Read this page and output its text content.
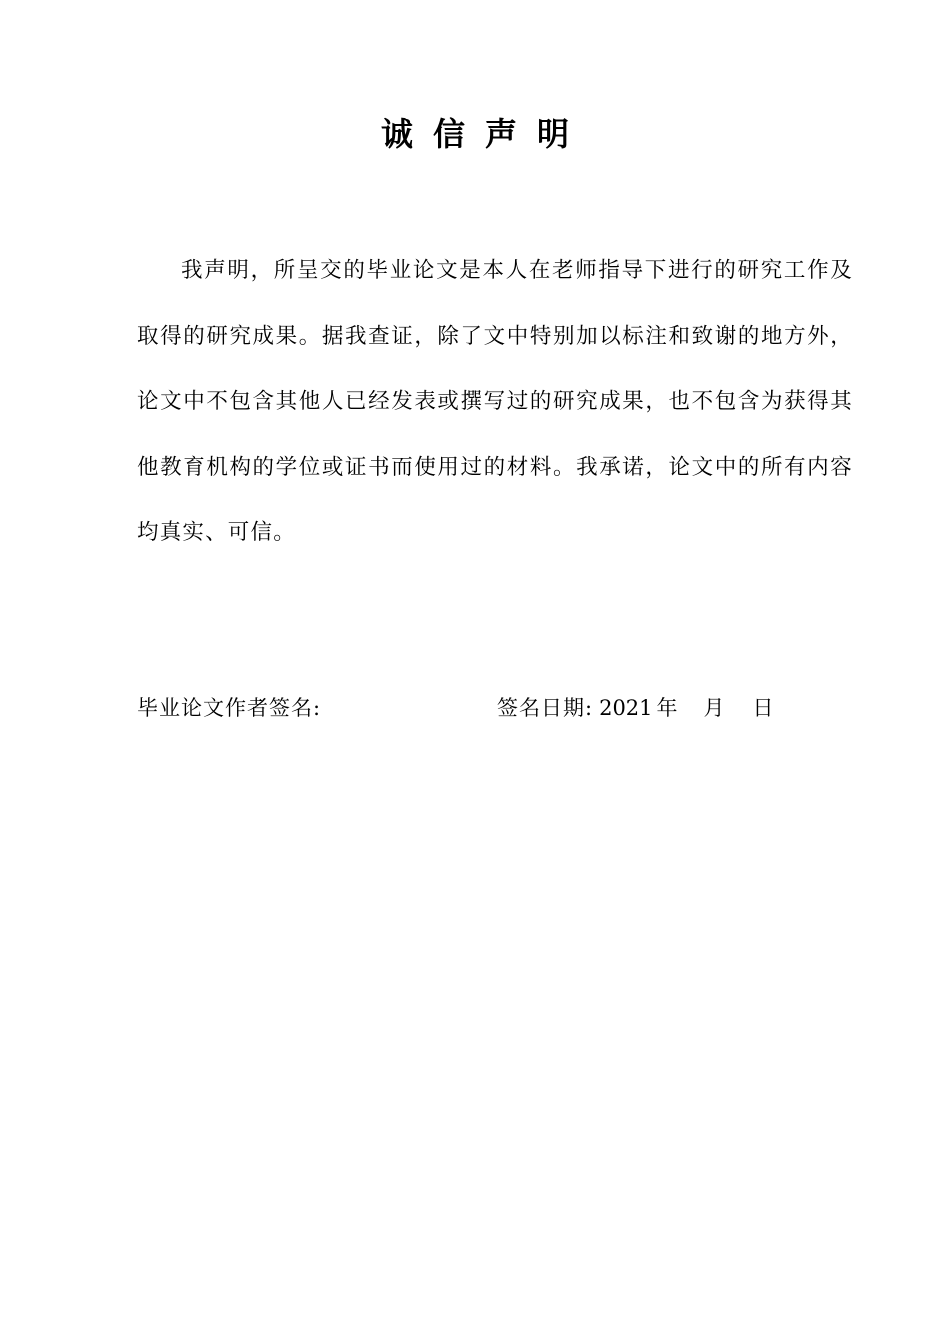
诚信声明

我声明，所呈交的毕业论文是本人在老师指导下进行的研究工作及取得的研究成果。据我查证，除了文中特别加以标注和致谢的地方外，论文中不包含其他人已经发表或撰写过的研究成果，也不包含为获得其他教育机构的学位或证书而使用过的材料。我承诺，论文中的所有内容均真实、可信。

毕业论文作者签名:	签名日期: 2021 年 月 日
